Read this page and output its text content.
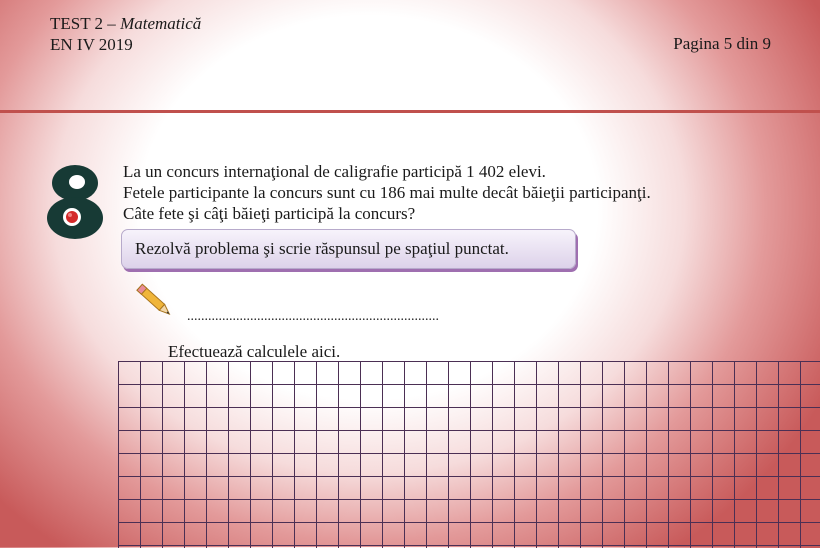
TEST 2 – Matematică
EN IV 2019	Pagina 5 din 9
La un concurs internaţional de caligrafie participă 1 402 elevi.
Fetele participante la concurs sunt cu 186 mai multe decât băieţii participanţi.
Câte fete şi câţi băieţi participă la concurs?
Rezolvă problema şi scrie răspunsul pe spaţiul punctat.
........................................................................
Efectuează calculele aici.
